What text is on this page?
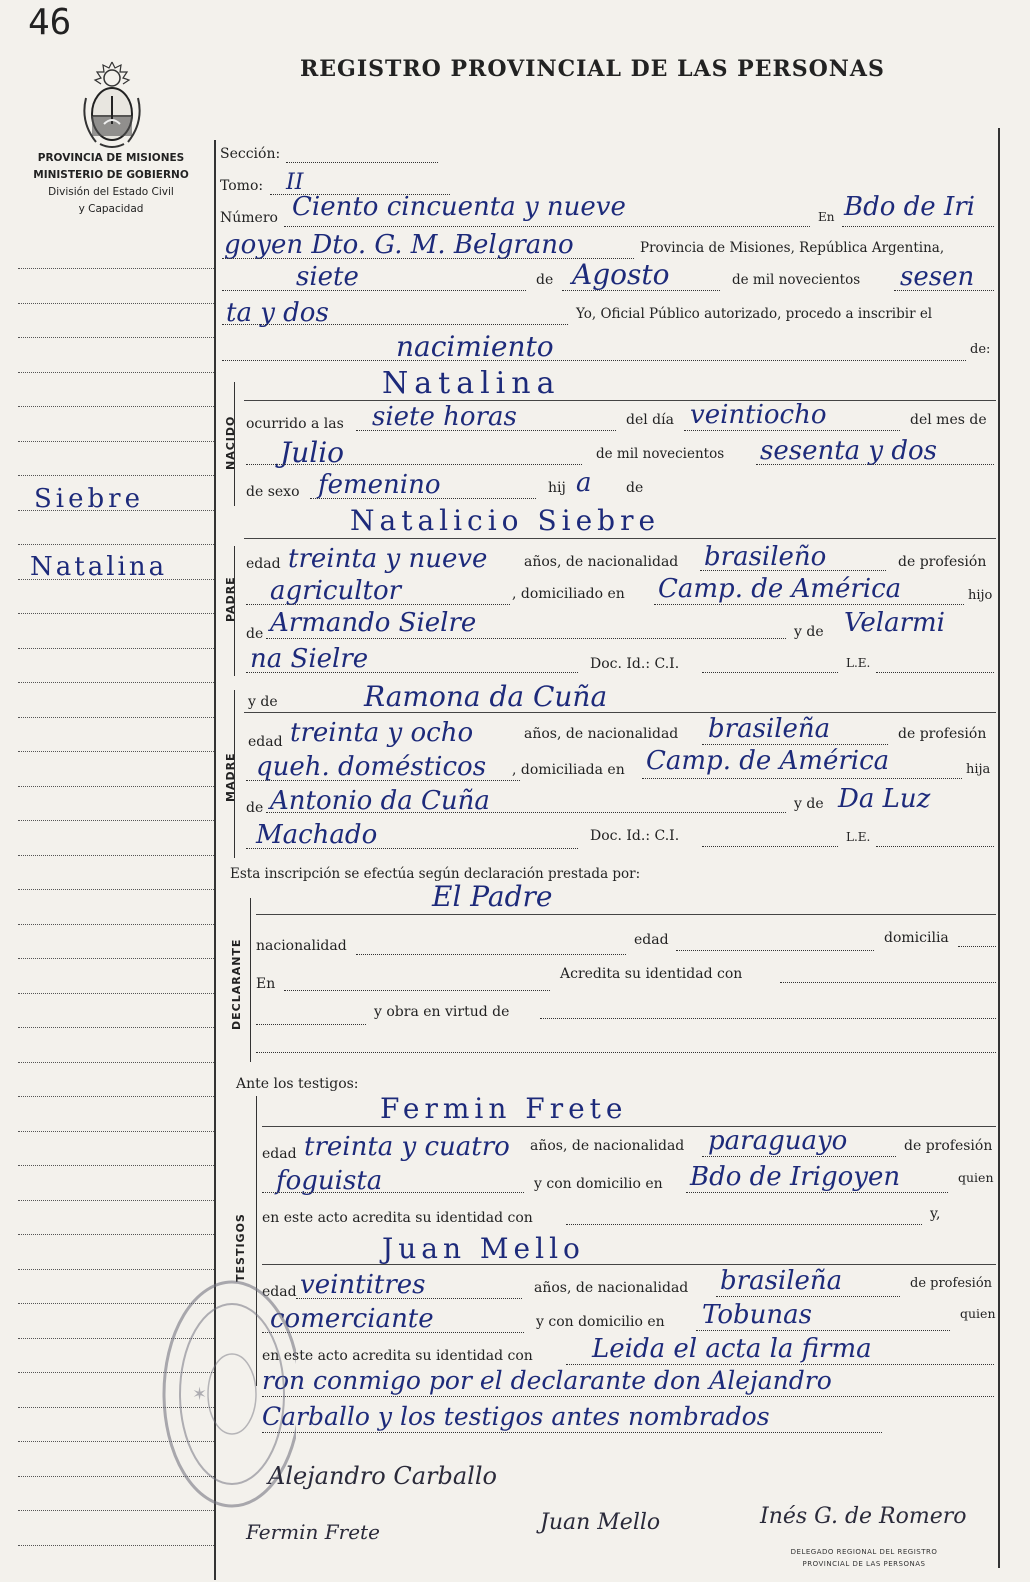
46
REGISTRO PROVINCIAL DE LAS PERSONAS
PROVINCIA DE MISIONES
MINISTERIO DE GOBIERNO
División del Estado Civil
y Capacidad
Siebre
Natalina
Sección:
Tomo: II
Número Ciento cincuenta y nueve	En Bdo de Iri
goyen Dto. G. M. Belgrano	Provincia de Misiones, República Argentina,
siete	de Agosto	de mil novecientos sesen
ta y dos	Yo, Oficial Público autorizado, procedo a inscribir el
nacimiento	de:
NACIDO
Natalina
ocurrido a las siete horas	del día veintiocho	del mes de
Julio	de mil novecientos sesenta y dos
de sexo femenino	hij a de
PADRE
Natalicio Siebre
edad treinta y nueve	años, de nacionalidad brasileño	de profesión
agricultor	, domiciliado en Camp. de América	hijo
de Armando Sielre	y de Velarmi
na Sielre	Doc. Id.: C.I.	L.E.
MADRE
y de	Ramona da Cuña
edad treinta y ocho	años, de nacionalidad brasileña	de profesión
queh. domésticos , domiciliada en Camp. de América	hija
de Antonio da Cuña	y de Da Luz
Machado	Doc. Id.: C.I.	L.E.
Esta inscripción se efectúa según declaración prestada por:
DECLARANTE
El Padre
nacionalidad	edad	domicilia
En
Acredita su identidad con
y obra en virtud de
Ante los testigos:
TESTIGOS
Fermin Frete
edad treinta y cuatro años, de nacionalidad paraguayo	de profesión
foguista	y con domicilio en Bdo de Irigoyen	quien
en este acto acredita su identidad con	y,
Juan Mello
edad veintitres	años, de nacionalidad brasileña	de profesión
comerciante	y con domicilio en Tobunas	quien
en este acto acredita su identidad con Leida el acta la firma
ron conmigo por el declarante don Alejandro
Carballo y los testigos antes nombrados
✶
Alejandro Carballo
Fermin Frete	Juan Mello	Inés G. de Romero
DELEGADO REGIONAL DEL REGISTRO
PROVINCIAL DE LAS PERSONAS
